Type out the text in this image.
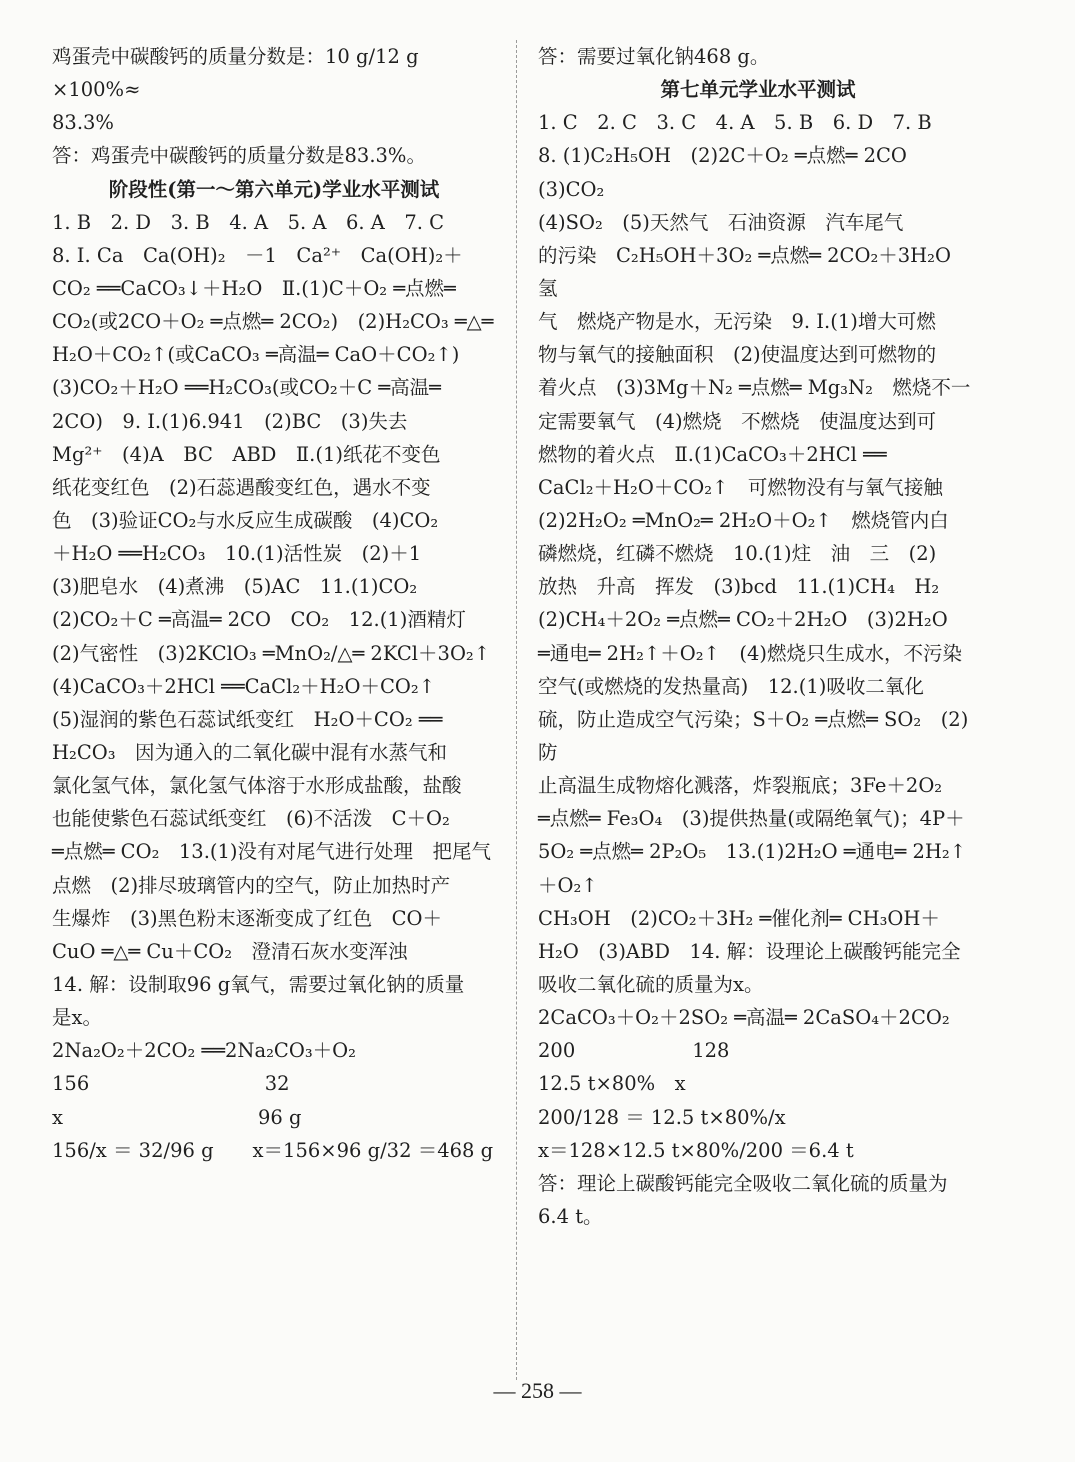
鸡蛋壳中碳酸钙的质量分数是：10 g/12 g ×100%≈
83.3%
答：鸡蛋壳中碳酸钙的质量分数是83.3%。
阶段性(第一～第六单元)学业水平测试
1. B　2. D　3. B　4. A　5. A　6. A　7. C
8. Ⅰ. Ca　Ca(OH)₂　－1　Ca²⁺　Ca(OH)₂＋
CO₂ ══CaCO₃↓＋H₂O　Ⅱ.(1)C＋O₂ ═点燃═
CO₂(或2CO＋O₂ ═点燃═ 2CO₂)　(2)H₂CO₃ ═△═
H₂O＋CO₂↑(或CaCO₃ ═高温═ CaO＋CO₂↑)
(3)CO₂＋H₂O ══H₂CO₃(或CO₂＋C ═高温═
2CO)　9. Ⅰ.(1)6.941　(2)BC　(3)失去
Mg²⁺　(4)A　BC　ABD　Ⅱ.(1)纸花不变色
纸花变红色　(2)石蕊遇酸变红色，遇水不变
色　(3)验证CO₂与水反应生成碳酸　(4)CO₂
＋H₂O ══H₂CO₃　10.(1)活性炭　(2)＋1
(3)肥皂水　(4)煮沸　(5)AC　11.(1)CO₂
(2)CO₂＋C ═高温═ 2CO　CO₂　12.(1)酒精灯
(2)气密性　(3)2KClO₃ ═MnO₂/△═ 2KCl＋3O₂↑
(4)CaCO₃＋2HCl ══CaCl₂＋H₂O＋CO₂↑
(5)湿润的紫色石蕊试纸变红　H₂O＋CO₂ ══
H₂CO₃　因为通入的二氧化碳中混有水蒸气和
氯化氢气体，氯化氢气体溶于水形成盐酸，盐酸
也能使紫色石蕊试纸变红　(6)不活泼　C＋O₂
═点燃═ CO₂　13.(1)没有对尾气进行处理　把尾气
点燃　(2)排尽玻璃管内的空气，防止加热时产
生爆炸　(3)黑色粉末逐渐变成了红色　CO＋
CuO ═△═ Cu＋CO₂　澄清石灰水变浑浊
14. 解：设制取96 g氧气，需要过氧化钠的质量
是x。
2Na₂O₂＋2CO₂ ══2Na₂CO₃＋O₂
156　　　　　　　　　32
x　　　　　　　　　　96 g
156/x ＝ 32/96 g　　x＝156×96 g/32 ＝468 g
答：需要过氧化钠468 g。
第七单元学业水平测试
1. C　2. C　3. C　4. A　5. B　6. D　7. B
8. (1)C₂H₅OH　(2)2C＋O₂ ═点燃═ 2CO　(3)CO₂
(4)SO₂　(5)天然气　石油资源　汽车尾气
的污染　C₂H₅OH＋3O₂ ═点燃═ 2CO₂＋3H₂O　氢
气　燃烧产物是水，无污染　9. Ⅰ.(1)增大可燃
物与氧气的接触面积　(2)使温度达到可燃物的
着火点　(3)3Mg＋N₂ ═点燃═ Mg₃N₂　燃烧不一
定需要氧气　(4)燃烧　不燃烧　使温度达到可
燃物的着火点　Ⅱ.(1)CaCO₃＋2HCl ══
CaCl₂＋H₂O＋CO₂↑　可燃物没有与氧气接触
(2)2H₂O₂ ═MnO₂═ 2H₂O＋O₂↑　燃烧管内白
磷燃烧，红磷不燃烧　10.(1)炷　油　三　(2)
放热　升高　挥发　(3)bcd　11.(1)CH₄　H₂
(2)CH₄＋2O₂ ═点燃═ CO₂＋2H₂O　(3)2H₂O
═通电═ 2H₂↑＋O₂↑　(4)燃烧只生成水，不污染
空气(或燃烧的发热量高)　12.(1)吸收二氧化
硫，防止造成空气污染；S＋O₂ ═点燃═ SO₂　(2)防
止高温生成物熔化溅落，炸裂瓶底；3Fe＋2O₂
═点燃═ Fe₃O₄　(3)提供热量(或隔绝氧气)；4P＋
5O₂ ═点燃═ 2P₂O₅　13.(1)2H₂O ═通电═ 2H₂↑＋O₂↑
CH₃OH　(2)CO₂＋3H₂ ═催化剂═ CH₃OH＋
H₂O　(3)ABD　14. 解：设理论上碳酸钙能完全
吸收二氧化硫的质量为x。
2CaCO₃＋O₂＋2SO₂ ═高温═ 2CaSO₄＋2CO₂
200　　　　　　128
12.5 t×80%　x
200/128 ＝ 12.5 t×80%/x
x＝128×12.5 t×80%/200 ＝6.4 t
答：理论上碳酸钙能完全吸收二氧化硫的质量为
6.4 t。
— 258 —
